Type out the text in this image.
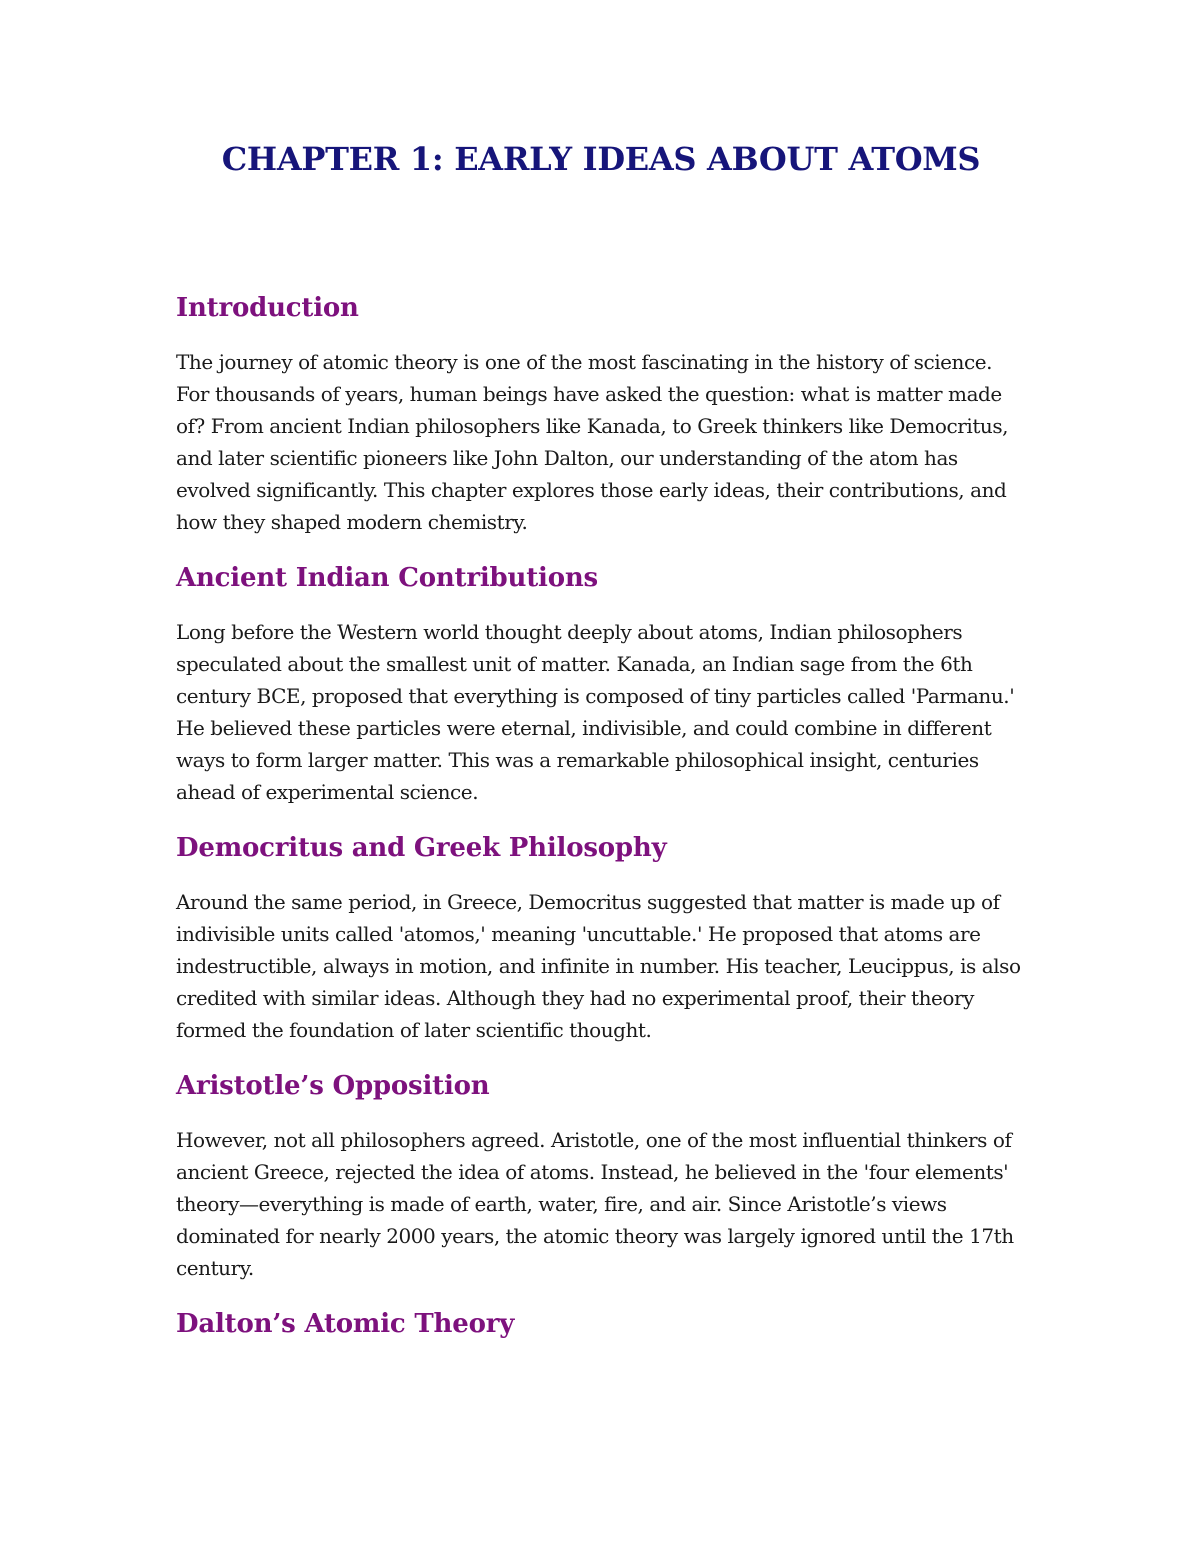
CHAPTER 1: EARLY IDEAS ABOUT ATOMS
Introduction

The journey of atomic theory is one of the most fascinating in the history of science. For thousands of years, human beings have asked the question: what is matter made of? From ancient Indian philosophers like Kanada, to Greek thinkers like Democritus, and later scientific pioneers like John Dalton, our understanding of the atom has evolved significantly. This chapter explores those early ideas, their contributions, and how they shaped modern chemistry.

Ancient Indian Contributions

Long before the Western world thought deeply about atoms, Indian philosophers speculated about the smallest unit of matter. Kanada, an Indian sage from the 6th century BCE, proposed that everything is composed of tiny particles called 'Parmanu.' He believed these particles were eternal, indivisible, and could combine in different ways to form larger matter. This was a remarkable philosophical insight, centuries ahead of experimental science.

Democritus and Greek Philosophy

Around the same period, in Greece, Democritus suggested that matter is made up of indivisible units called 'atomos,' meaning 'uncuttable.' He proposed that atoms are indestructible, always in motion, and infinite in number. His teacher, Leucippus, is also credited with similar ideas. Although they had no experimental proof, their theory formed the foundation of later scientific thought.

Aristotle’s Opposition

However, not all philosophers agreed. Aristotle, one of the most influential thinkers of ancient Greece, rejected the idea of atoms. Instead, he believed in the 'four elements' theory—everything is made of earth, water, fire, and air. Since Aristotle’s views dominated for nearly 2000 years, the atomic theory was largely ignored until the 17th century.

Dalton’s Atomic Theory
